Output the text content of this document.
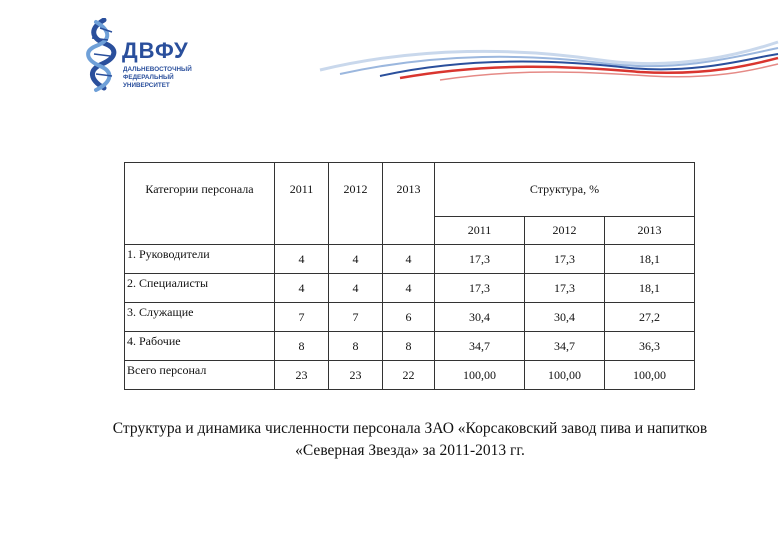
ДВФУ
ДАЛЬНЕВОСТОЧНЫЙ
ФЕДЕРАЛЬНЫЙ
УНИВЕРСИТЕТ
Категории персонала	2011	2012	2013	Структура, %		
				2011	2012	2013
1. Руководители	4	4	4	17,3	17,3	18,1
2. Специалисты	4	4	4	17,3	17,3	18,1
3. Служащие	7	7	6	30,4	30,4	27,2
4. Рабочие	8	8	8	34,7	34,7	36,3
Всего персонал	23	23	22	100,00	100,00	100,00
Структура и динамика численности персонала ЗАО «Корсаковский завод пива и напитков
«Северная Звезда» за 2011-2013 гг.
